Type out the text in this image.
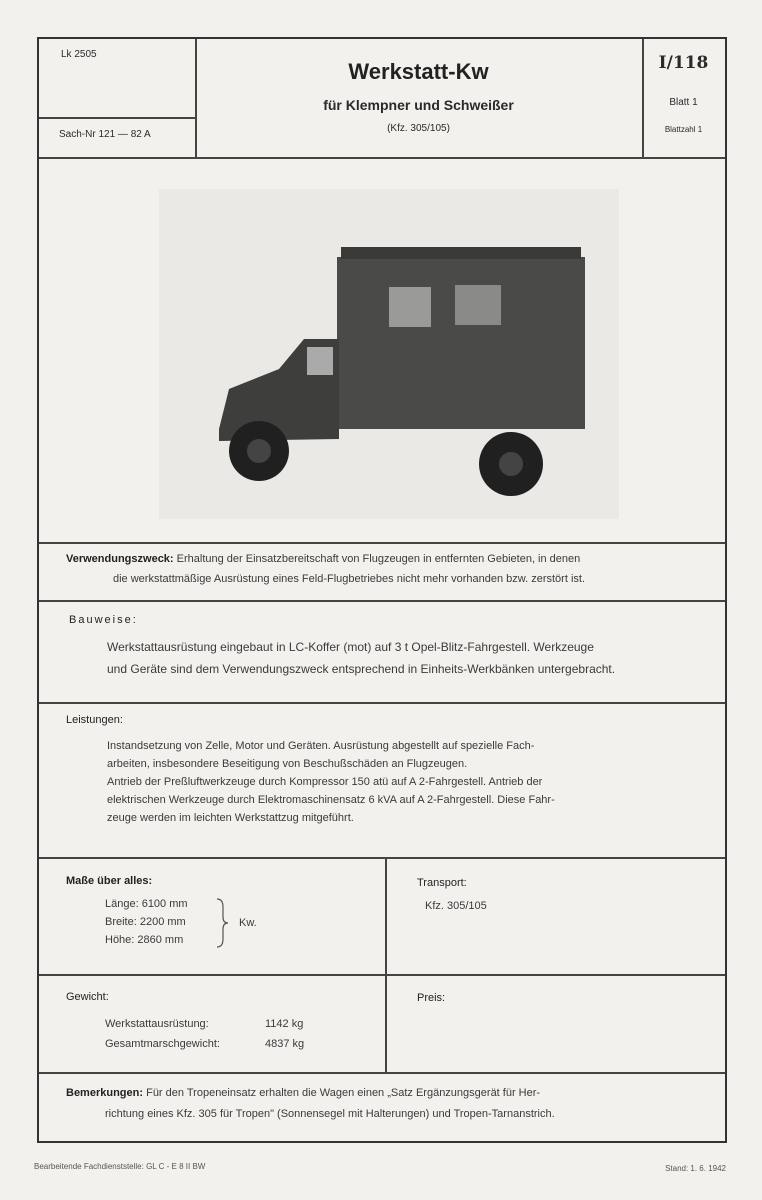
Lk 2505
Sach-Nr 121 — 82 A
Werkstatt-Kw
für Klempner und Schweißer
(Kfz. 305/105)
I/118
Blatt 1
Blattzahl 1
Verwendungszweck: Erhaltung der Einsatzbereitschaft von Flugzeugen in entfernten Gebieten, in denen
die werkstattmäßige Ausrüstung eines Feld-Flugbetriebes nicht mehr vorhanden bzw. zerstört ist.
Bauweise:
Werkstattausrüstung eingebaut in LC-Koffer (mot) auf 3 t Opel-Blitz-Fahrgestell. Werkzeuge
und Geräte sind dem Verwendungszweck entsprechend in Einheits-Werkbänken untergebracht.
Leistungen:
Instandsetzung von Zelle, Motor und Geräten. Ausrüstung abgestellt auf spezielle Fach-
arbeiten, insbesondere Beseitigung von Beschußschäden an Flugzeugen.
Antrieb der Preßluftwerkzeuge durch Kompressor 150 atü auf A 2-Fahrgestell. Antrieb der
elektrischen Werkzeuge durch Elektromaschinensatz 6 kVA auf A 2-Fahrgestell. Diese Fahr-
zeuge werden im leichten Werkstattzug mitgeführt.
Maße über alles:
Länge: 6100 mm
Breite: 2200 mm
Höhe: 2860 mm
Kw.
Transport:
Kfz. 305/105
Gewicht:
Werkstattausrüstung:	1142 kg
Gesamtmarschgewicht:	4837 kg
Preis:
Bemerkungen: Für den Tropeneinsatz erhalten die Wagen einen „Satz Ergänzungsgerät für Her-
richtung eines Kfz. 305 für Tropen" (Sonnensegel mit Halterungen) und Tropen-Tarnanstrich.
Bearbeitende Fachdienststelle: GL C - E 8 II BW	Stand: 1. 6. 1942
